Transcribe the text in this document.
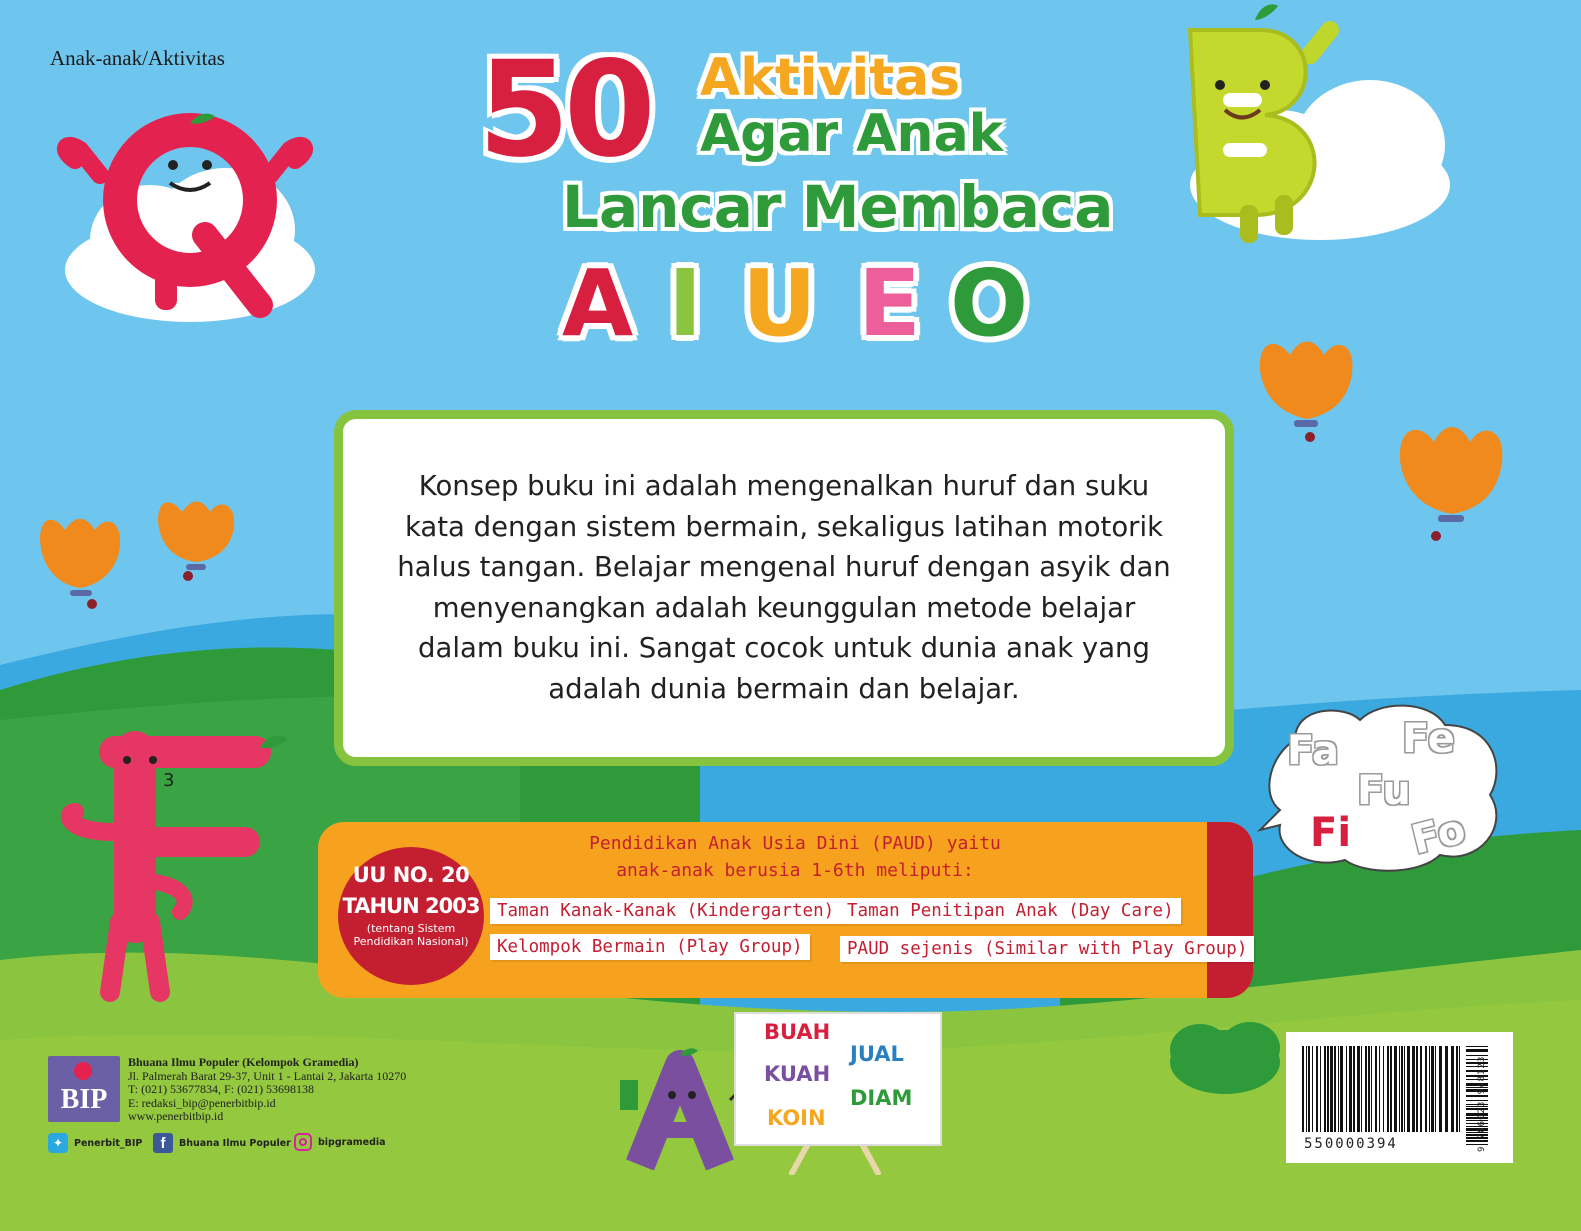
3
Fa Fe
Fu
Fi Fo
Anak-anak/Aktivitas 50 Aktivitas
Agar Anak
Lancar Membaca
A I U E O
Konsep buku ini adalah mengenalkan huruf dan suku kata dengan sistem bermain, sekaligus latihan motorik halus tangan. Belajar mengenal huruf dengan asyik dan menyenangkan adalah keunggulan metode belajar dalam buku ini. Sangat cocok untuk dunia anak yang adalah dunia bermain dan belajar.
Pendidikan Anak Usia Dini (PAUD) yaitu
anak-anak berusia 1-6th meliputi:
UU NO. 20
TAHUN 2003
(tentang Sistem Pendidikan Nasional)
Taman Kanak-Kanak (Kindergarten) Taman Penitipan Anak (Day Care)
Kelompok Bermain (Play Group)	PAUD sejenis (Similar with Play Group)
BUAH
KUAH
KOIN
JUAL
DIAM
BIP
Bhuana Ilmu Populer (Kelompok Gramedia)
Jl. Palmerah Barat 29-37, Unit 1 - Lantai 2, Jakarta 10270
T: (021) 53677834, F: (021) 53698138
E: redaksi_bip@penerbitbip.id
www.penerbitbip.id
✦	Penerbit_BIP	f	Bhuana Ilmu Populer	bipgramedia	550000394	9 786023 948123
